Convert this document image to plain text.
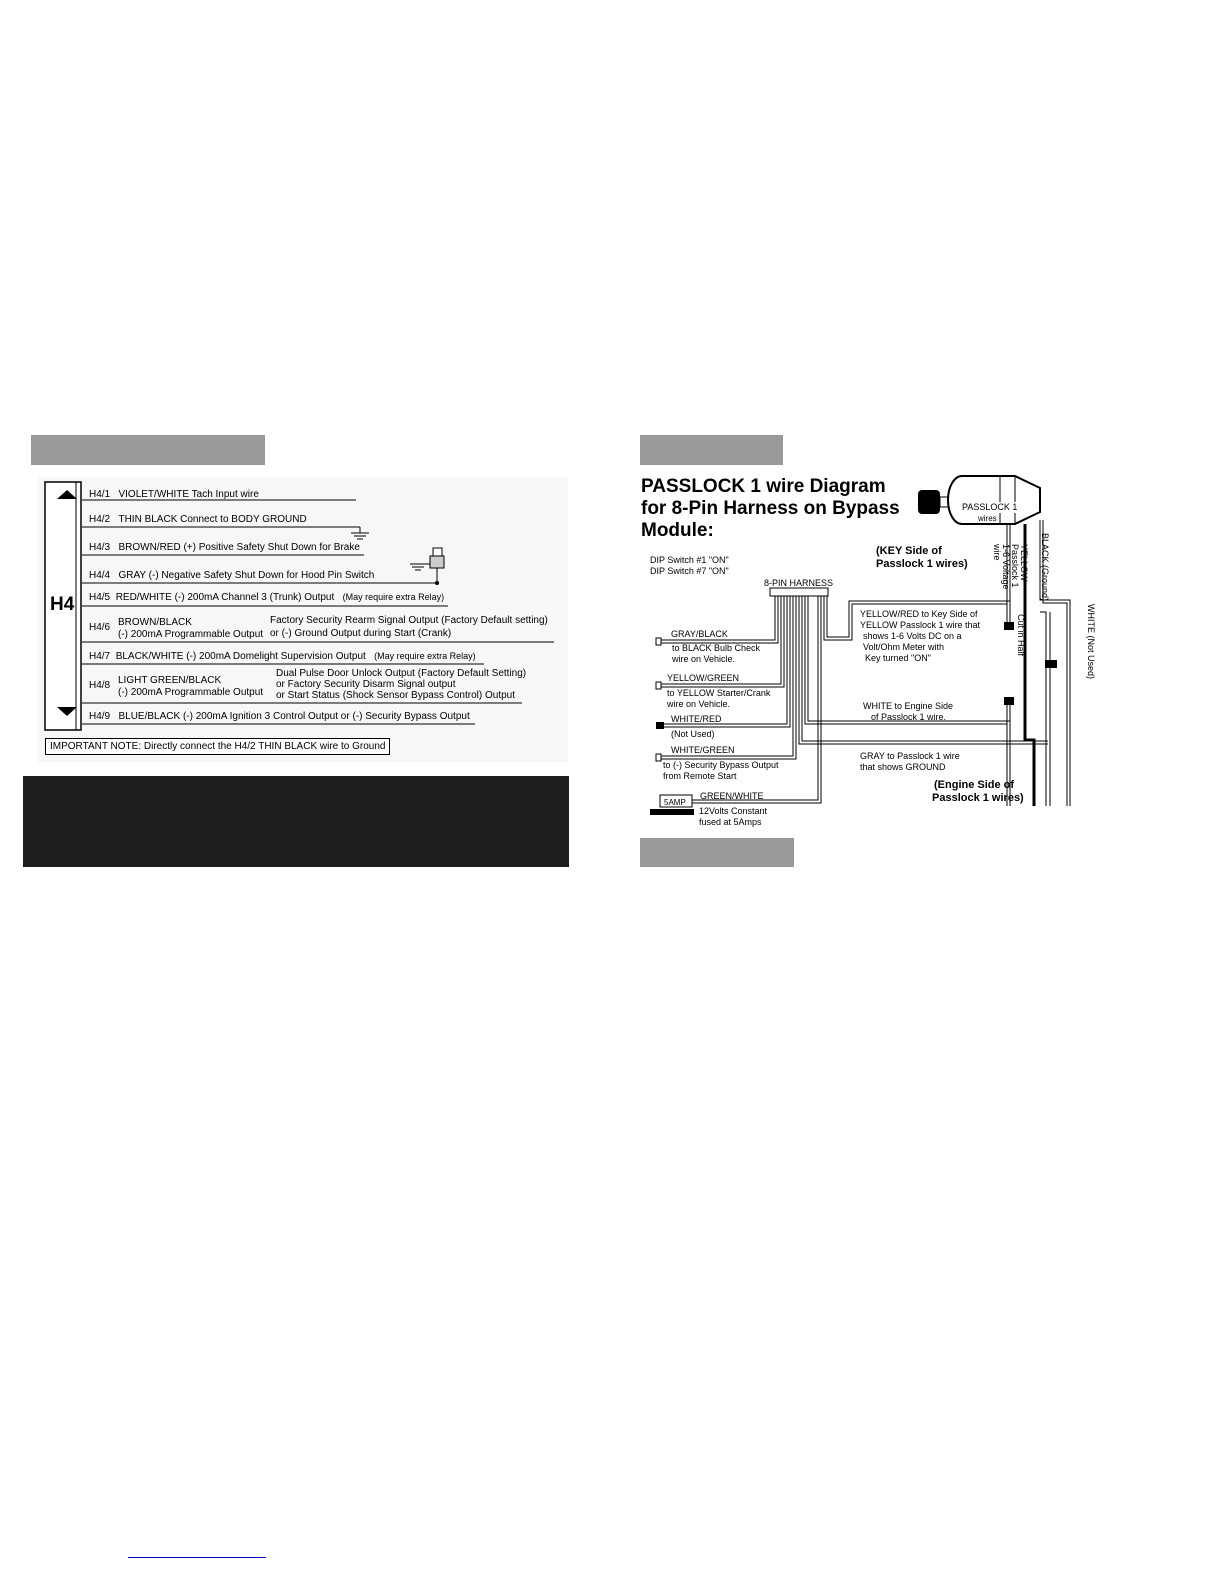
H4
H4/1 VIOLET/WHITE Tach Input wire
H4/2 THIN BLACK Connect to BODY GROUND
H4/3 BROWN/RED (+) Positive Safety Shut Down for Brake
H4/4 GRAY (-) Negative Safety Shut Down for Hood Pin Switch
H4/5 RED/WHITE (-) 200mA Channel 3 (Trunk) Output (May require extra Relay)
H4/6 BROWN/BLACK
(-) 200mA Programmable Output
Factory Security Rearm Signal Output (Factory Default setting)
or (-) Ground Output during Start (Crank)
H4/7 BLACK/WHITE (-) 200mA Domelight Supervision Output (May require extra Relay)
H4/8 LIGHT GREEN/BLACK
(-) 200mA Programmable Output
Dual Pulse Door Unlock Output (Factory Default Setting)
or Factory Security Disarm Signal output
or Start Status (Shock Sensor Bypass Control) Output
H4/9 BLUE/BLACK (-) 200mA Ignition 3 Control Output or (-) Security Bypass Output
IMPORTANT NOTE: Directly connect the H4/2 THIN BLACK wire to Ground
PASSLOCK 1 wire Diagram
for 8-Pin Harness on Bypass
Module:
DIP Switch #1 "ON"
DIP Switch #7 "ON"
8-PIN HARNESS
PASSLOCK 1
wires
(KEY Side of
Passlock 1 wires)	YELLOW
Passlock 1
1-6 Voltage
wire	BLACK (Ground)
WHITE (Not Used)
Cut in Half
GRAY/BLACK
to BLACK Bulb Check
wire on Vehicle.
YELLOW/GREEN
to YELLOW Starter/Crank
wire on Vehicle.
WHITE/RED
(Not Used)
WHITE/GREEN
to (-) Security Bypass Output
from Remote Start
5AMP
GREEN/WHITE
12Volts Constant
fused at 5Amps
YELLOW/RED to Key Side of
YELLOW Passlock 1 wire that
shows 1-6 Volts DC on a
Volt/Ohm Meter with
Key turned "ON"
WHITE to Engine Side
of Passlock 1 wire.
GRAY to Passlock 1 wire
that shows GROUND
(Engine Side of
Passlock 1 wires)
